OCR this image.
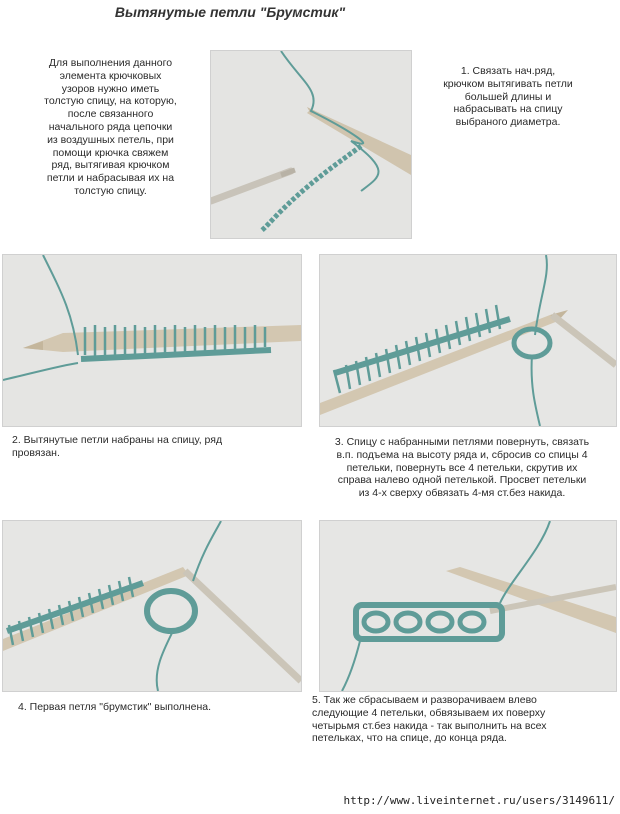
Вытянутые петли "Брумстик"
Для выполнения данного
элемента крючковых
узоров нужно иметь
толстую спицу, на которую,
после связанного
начального ряда цепочки
из воздушных петель, при
помощи крючка свяжем
ряд, вытягивая крючком
петли и набрасывая их на
толстую спицу.
1. Связать нач.ряд,
крючком вытягивать петли
большей длины и
набрасывать на спицу
выбраного диаметра.
2. Вытянутые петли набраны на спицу, ряд
провязан.
3. Спицу с набранными петлями повернуть, связать
в.п. подъема на высоту ряда и, сбросив со спицы 4
петельки, повернуть все 4 петельки, скрутив их
справа налево одной петелькой. Просвет петельки
из 4-х сверху обвязать 4-мя ст.без накида.
4. Первая петля "брумстик" выполнена.
5. Так же сбрасываем и разворачиваем влево
следующие 4 петельки, обвязываем их поверху
четырьмя ст.без накида - так выполнить на всех
петельках, что на спице, до конца ряда.
http://www.liveinternet.ru/users/3149611/
